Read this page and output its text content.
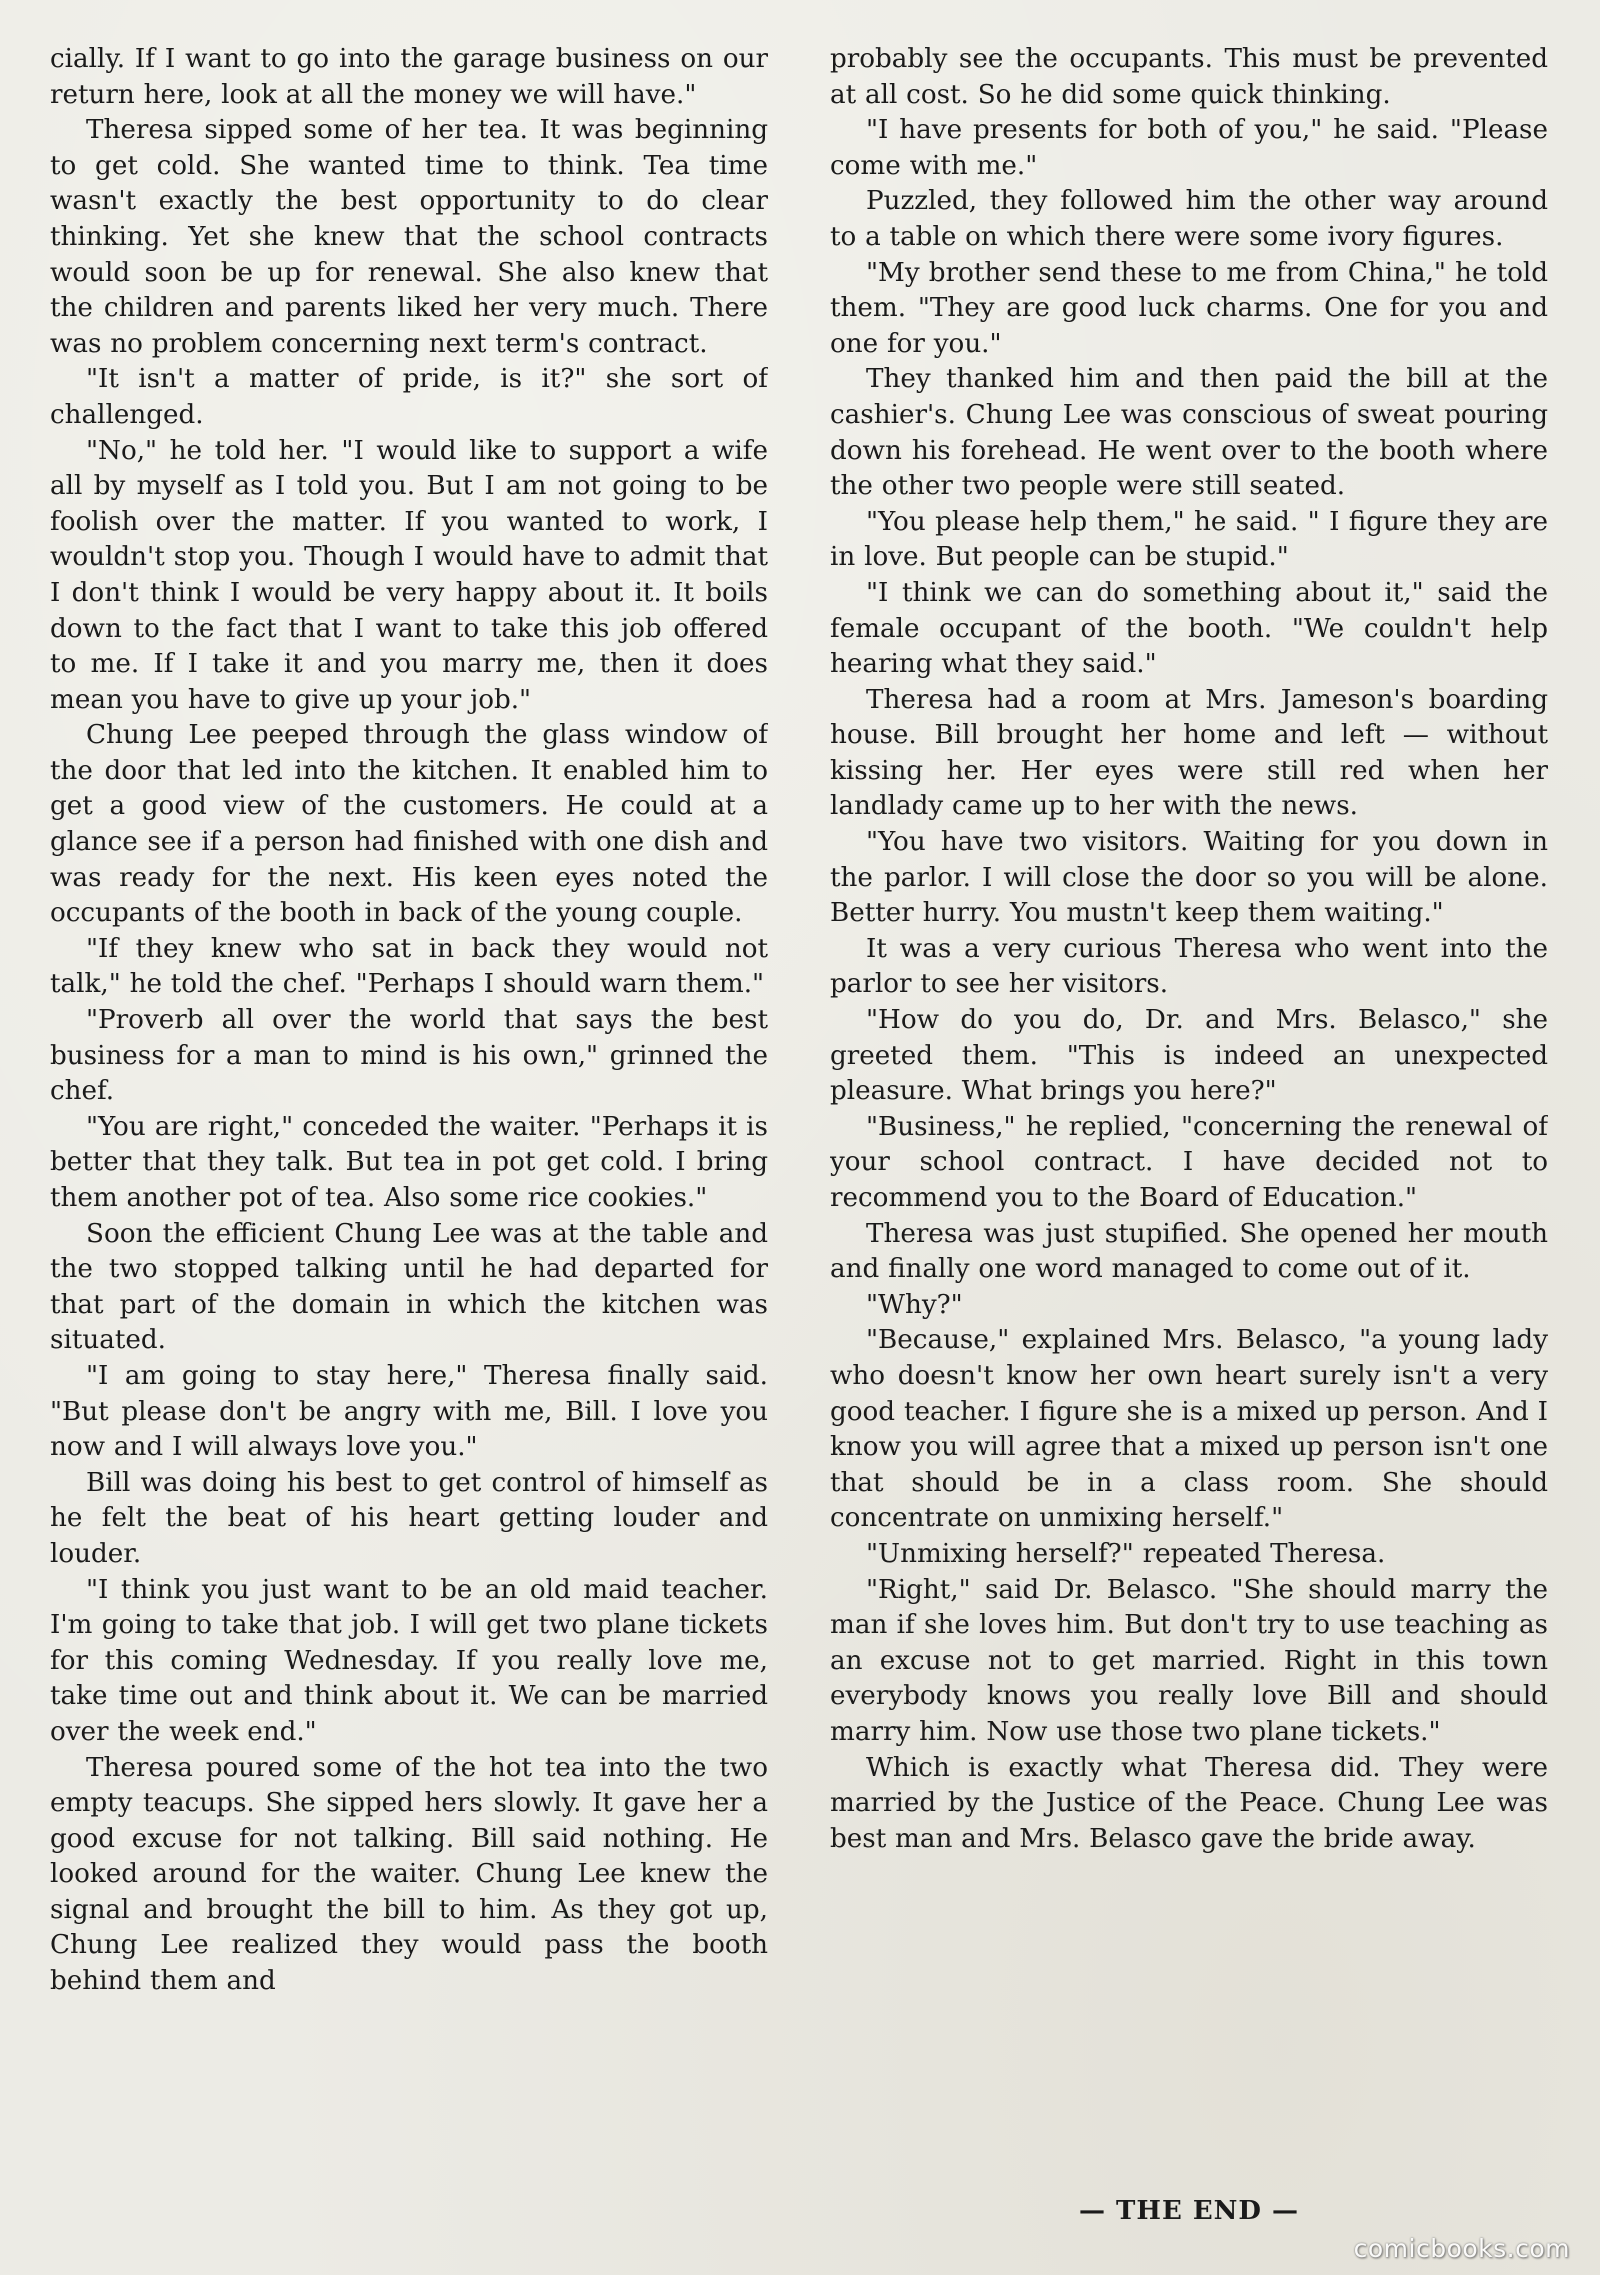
cially. If I want to go into the garage business on our return here, look at all the money we will have."

Theresa sipped some of her tea. It was beginning to get cold. She wanted time to think. Tea time wasn't exactly the best opportunity to do clear thinking. Yet she knew that the school contracts would soon be up for renewal. She also knew that the children and parents liked her very much. There was no problem concerning next term's contract.

"It isn't a matter of pride, is it?" she sort of challenged.

"No," he told her. "I would like to support a wife all by myself as I told you. But I am not going to be foolish over the matter. If you wanted to work, I wouldn't stop you. Though I would have to admit that I don't think I would be very happy about it. It boils down to the fact that I want to take this job offered to me. If I take it and you marry me, then it does mean you have to give up your job."

Chung Lee peeped through the glass window of the door that led into the kitchen. It enabled him to get a good view of the customers. He could at a glance see if a person had finished with one dish and was ready for the next. His keen eyes noted the occupants of the booth in back of the young couple.

"If they knew who sat in back they would not talk," he told the chef. "Perhaps I should warn them."

"Proverb all over the world that says the best business for a man to mind is his own," grinned the chef.

"You are right," conceded the waiter. "Perhaps it is better that they talk. But tea in pot get cold. I bring them another pot of tea. Also some rice cookies."

Soon the efficient Chung Lee was at the table and the two stopped talking until he had departed for that part of the domain in which the kitchen was situated.

"I am going to stay here," Theresa finally said. "But please don't be angry with me, Bill. I love you now and I will always love you."

Bill was doing his best to get control of himself as he felt the beat of his heart getting louder and louder.

"I think you just want to be an old maid teacher. I'm going to take that job. I will get two plane tickets for this coming Wednesday. If you really love me, take time out and think about it. We can be married over the week end."

Theresa poured some of the hot tea into the two empty teacups. She sipped hers slowly. It gave her a good excuse for not talking. Bill said nothing. He looked around for the waiter. Chung Lee knew the signal and brought the bill to him. As they got up, Chung Lee realized they would pass the booth behind them and

probably see the occupants. This must be prevented at all cost. So he did some quick thinking.

"I have presents for both of you," he said. "Please come with me."

Puzzled, they followed him the other way around to a table on which there were some ivory figures.

"My brother send these to me from China," he told them. "They are good luck charms. One for you and one for you."

They thanked him and then paid the bill at the cashier's. Chung Lee was conscious of sweat pouring down his forehead. He went over to the booth where the other two people were still seated.

"You please help them," he said. " I figure they are in love. But people can be stupid."

"I think we can do something about it," said the female occupant of the booth. "We couldn't help hearing what they said."

Theresa had a room at Mrs. Jameson's boarding house. Bill brought her home and left — without kissing her. Her eyes were still red when her landlady came up to her with the news.

"You have two visitors. Waiting for you down in the parlor. I will close the door so you will be alone. Better hurry. You mustn't keep them waiting."

It was a very curious Theresa who went into the parlor to see her visitors.

"How do you do, Dr. and Mrs. Belasco," she greeted them. "This is indeed an unexpected pleasure. What brings you here?"

"Business," he replied, "concerning the renewal of your school contract. I have decided not to recommend you to the Board of Education."

Theresa was just stupified. She opened her mouth and finally one word managed to come out of it.

"Why?"

"Because," explained Mrs. Belasco, "a young lady who doesn't know her own heart surely isn't a very good teacher. I figure she is a mixed up person. And I know you will agree that a mixed up person isn't one that should be in a class room. She should concentrate on unmixing herself."

"Unmixing herself?" repeated Theresa.

"Right," said Dr. Belasco. "She should marry the man if she loves him. But don't try to use teaching as an excuse not to get married. Right in this town everybody knows you really love Bill and should marry him. Now use those two plane tickets."

Which is exactly what Theresa did. They were married by the Justice of the Peace. Chung Lee was best man and Mrs. Belasco gave the bride away.

— THE END —
comicbooks.com
